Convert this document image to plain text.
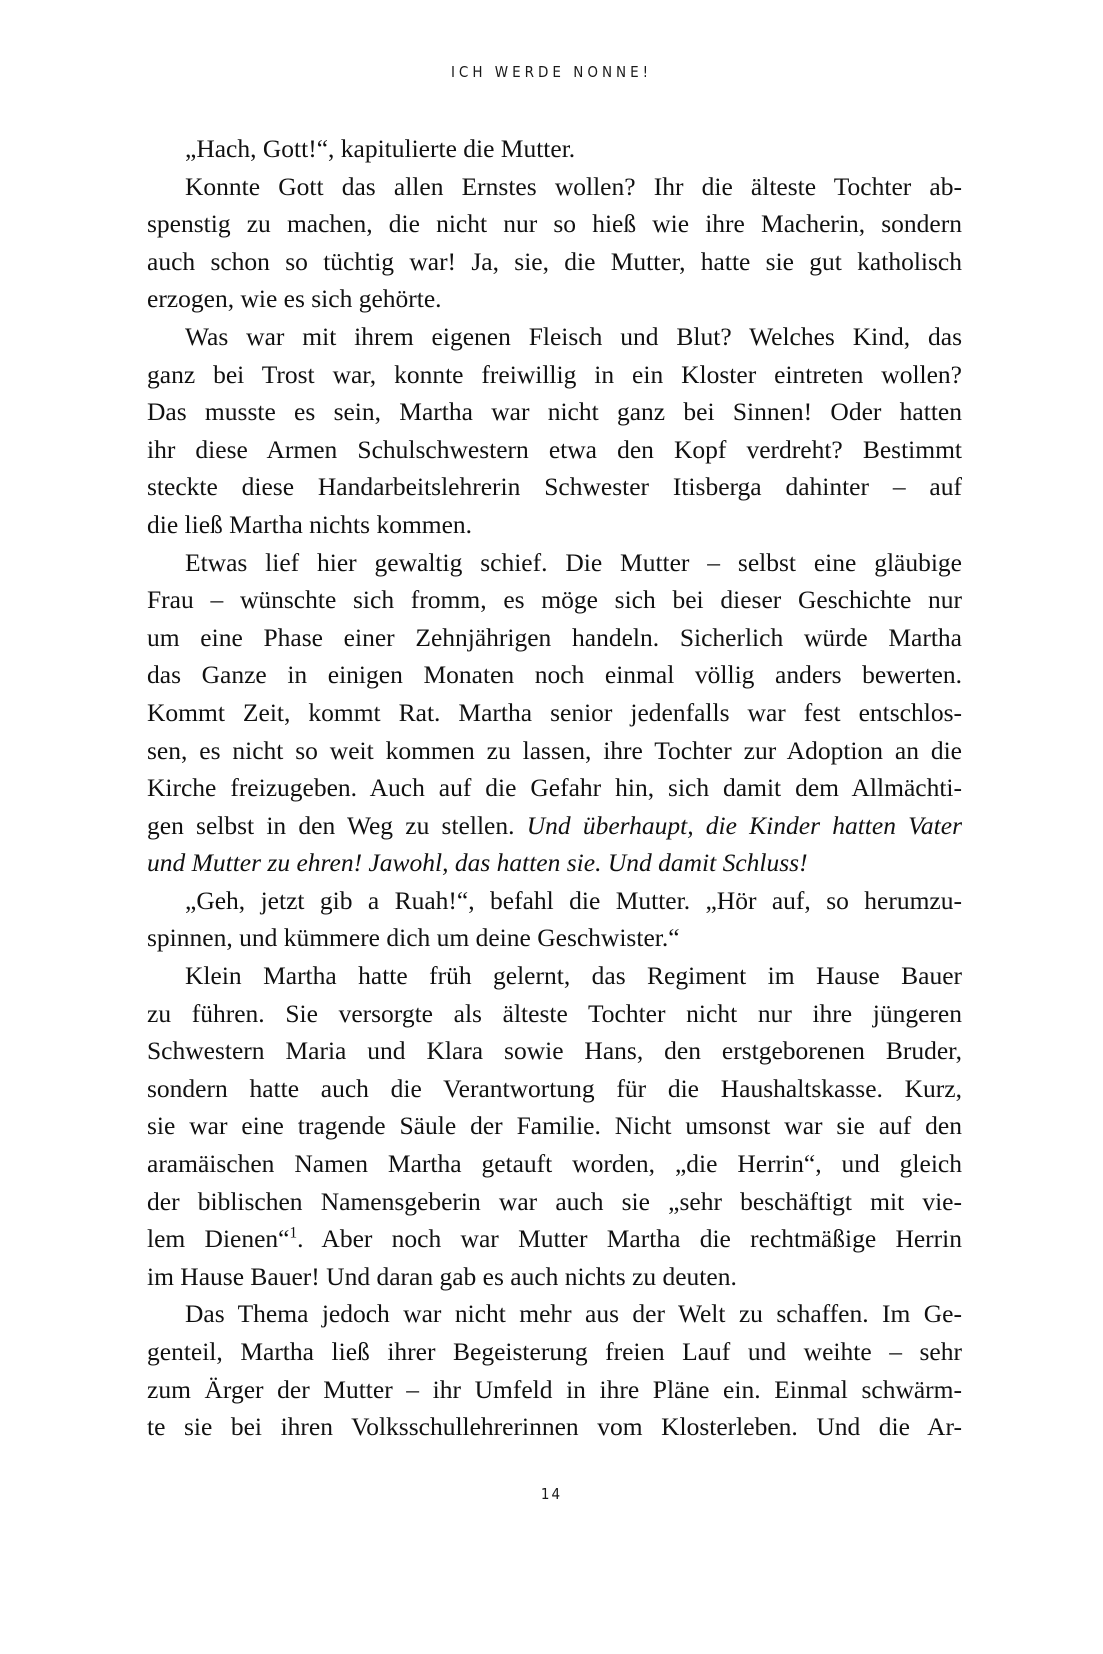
ICH WERDE NONNE!
„Hach, Gott!“, kapitulierte die Mutter.
Konnte Gott das allen Ernstes wollen? Ihr die älteste Tochter ab-
spenstig zu machen, die nicht nur so hieß wie ihre Macherin, sondern
auch schon so tüchtig war! Ja, sie, die Mutter, hatte sie gut katholisch
erzogen, wie es sich gehörte.
Was war mit ihrem eigenen Fleisch und Blut? Welches Kind, das
ganz bei Trost war, konnte freiwillig in ein Kloster eintreten wollen?
Das musste es sein, Martha war nicht ganz bei Sinnen! Oder hatten
ihr diese Armen Schulschwestern etwa den Kopf verdreht? Bestimmt
steckte diese Handarbeitslehrerin Schwester Itisberga dahinter – auf
die ließ Martha nichts kommen.
Etwas lief hier gewaltig schief. Die Mutter – selbst eine gläubige
Frau – wünschte sich fromm, es möge sich bei dieser Geschichte nur
um eine Phase einer Zehnjährigen handeln. Sicherlich würde Martha
das Ganze in einigen Monaten noch einmal völlig anders bewerten.
Kommt Zeit, kommt Rat. Martha senior jedenfalls war fest entschlos-
sen, es nicht so weit kommen zu lassen, ihre Tochter zur Adoption an die
Kirche freizugeben. Auch auf die Gefahr hin, sich damit dem Allmächti-
gen selbst in den Weg zu stellen. Und überhaupt, die Kinder hatten Vater
und Mutter zu ehren! Jawohl, das hatten sie. Und damit Schluss!
„Geh, jetzt gib a Ruah!“, befahl die Mutter. „Hör auf, so herumzu-
spinnen, und kümmere dich um deine Geschwister.“
Klein Martha hatte früh gelernt, das Regiment im Hause Bauer
zu führen. Sie versorgte als älteste Tochter nicht nur ihre jüngeren
Schwestern Maria und Klara sowie Hans, den erstgeborenen Bruder,
sondern hatte auch die Verantwortung für die Haushaltskasse. Kurz,
sie war eine tragende Säule der Familie. Nicht umsonst war sie auf den
aramäischen Namen Martha getauft worden, „die Herrin“, und gleich
der biblischen Namensgeberin war auch sie „sehr beschäftigt mit vie-
lem Dienen“$^1$. Aber noch war Mutter Martha die rechtmäßige Herrin
im Hause Bauer! Und daran gab es auch nichts zu deuten.
Das Thema jedoch war nicht mehr aus der Welt zu schaffen. Im Ge-
genteil, Martha ließ ihrer Begeisterung freien Lauf und weihte – sehr
zum Ärger der Mutter – ihr Umfeld in ihre Pläne ein. Einmal schwärm-
te sie bei ihren Volksschullehrerinnen vom Klosterleben. Und die Ar-
14
